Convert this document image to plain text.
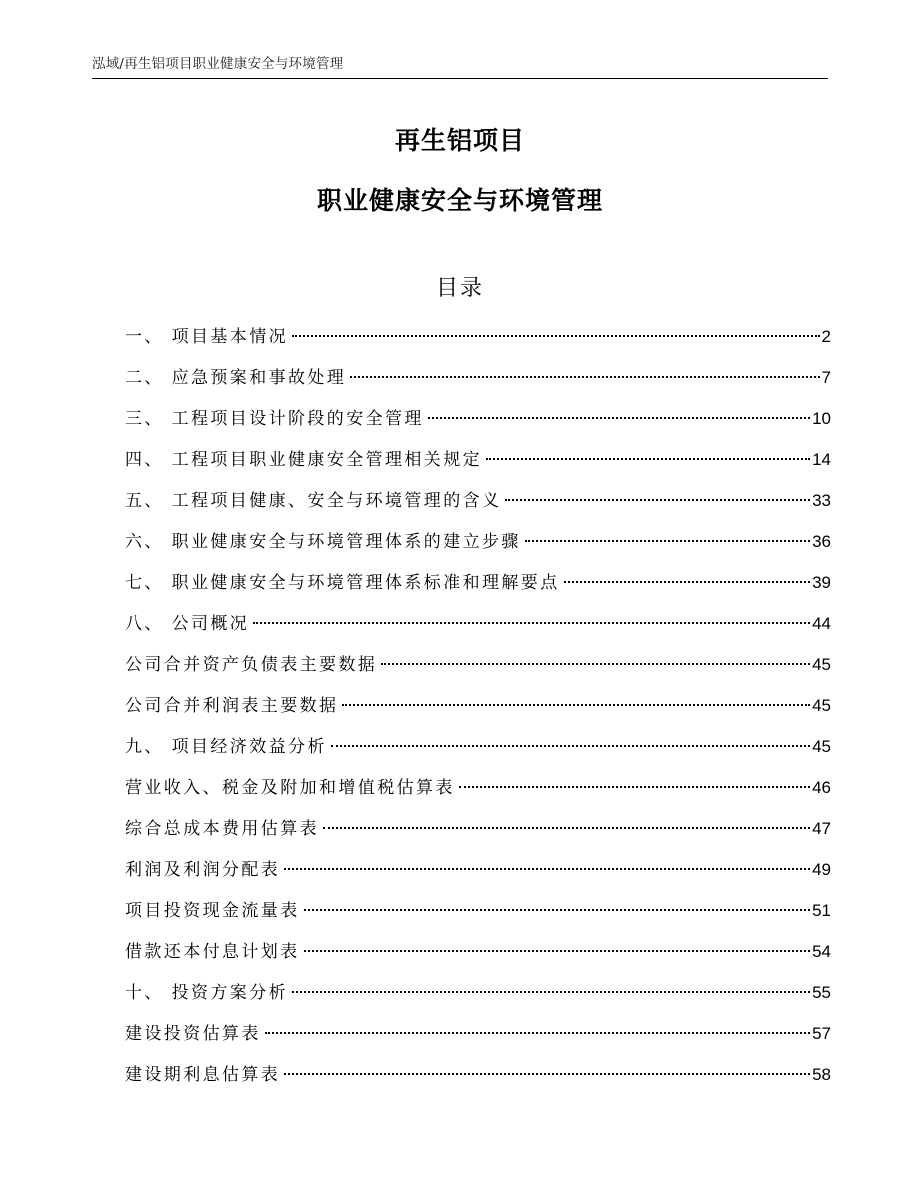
泓域/再生铝项目职业健康安全与环境管理
再生铝项目
职业健康安全与环境管理
目录
一、 项目基本情况	2
二、 应急预案和事故处理	7
三、 工程项目设计阶段的安全管理	10
四、 工程项目职业健康安全管理相关规定	14
五、 工程项目健康、安全与环境管理的含义	33
六、 职业健康安全与环境管理体系的建立步骤	36
七、 职业健康安全与环境管理体系标准和理解要点	39
八、 公司概况	44
公司合并资产负债表主要数据	45
公司合并利润表主要数据	45
九、 项目经济效益分析	45
营业收入、税金及附加和增值税估算表	46
综合总成本费用估算表	47
利润及利润分配表	49
项目投资现金流量表	51
借款还本付息计划表	54
十、 投资方案分析	55
建设投资估算表	57
建设期利息估算表	58
